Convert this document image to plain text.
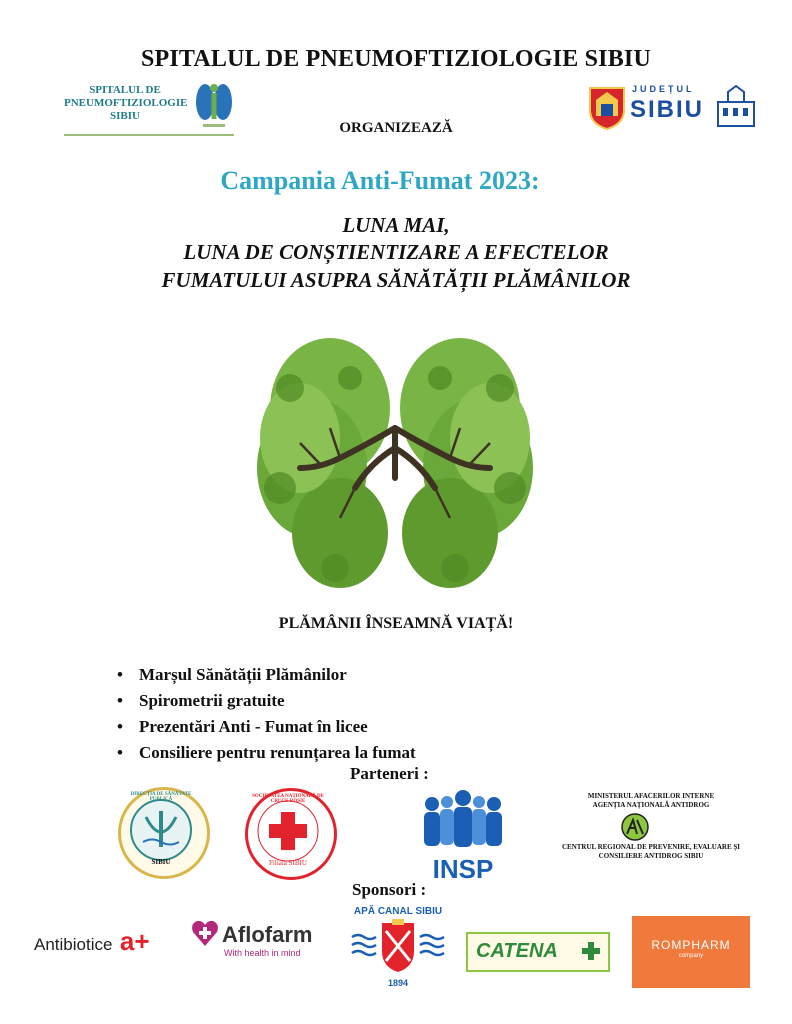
SPITALUL DE PNEUMOFTIZIOLOGIE SIBIU
SPITALUL DE
PNEUMOFTIZIOLOGIE
SIBIU
JUDEȚUL
SIBIU
ORGANIZEAZĂ
Campania Anti-Fumat 2023:
LUNA MAI,
LUNA DE CONȘTIENTIZARE A EFECTELOR
FUMATULUI ASUPRA SĂNĂTĂȚII PLĂMÂNILOR
PLĂMÂNII ÎNSEAMNĂ VIAȚĂ!
• Marșul Sănătății Plămânilor
• Spirometrii gratuite
• Prezentări Anti - Fumat în licee
• Consiliere pentru renunțarea la fumat
Parteneri :
DIRECȚIA DE SĂNĂTATE PUBLICĂ
SIBIU
SOCIETATEA NAȚIONALĂ DE CRUCE ROȘIE
Filiala SIBIU	INSP
MINISTERUL AFACERILOR INTERNE
AGENȚIA NAȚIONALĂ ANTIDROG
CENTRUL REGIONAL DE PREVENIRE, EVALUARE ȘI
CONSILIERE ANTIDROG SIBIU
Sponsori :
Antibiotice a+	Aflofarm
With health in mind
APĂ CANAL SIBIU
1894
CATENA	ROMPHARM
company
